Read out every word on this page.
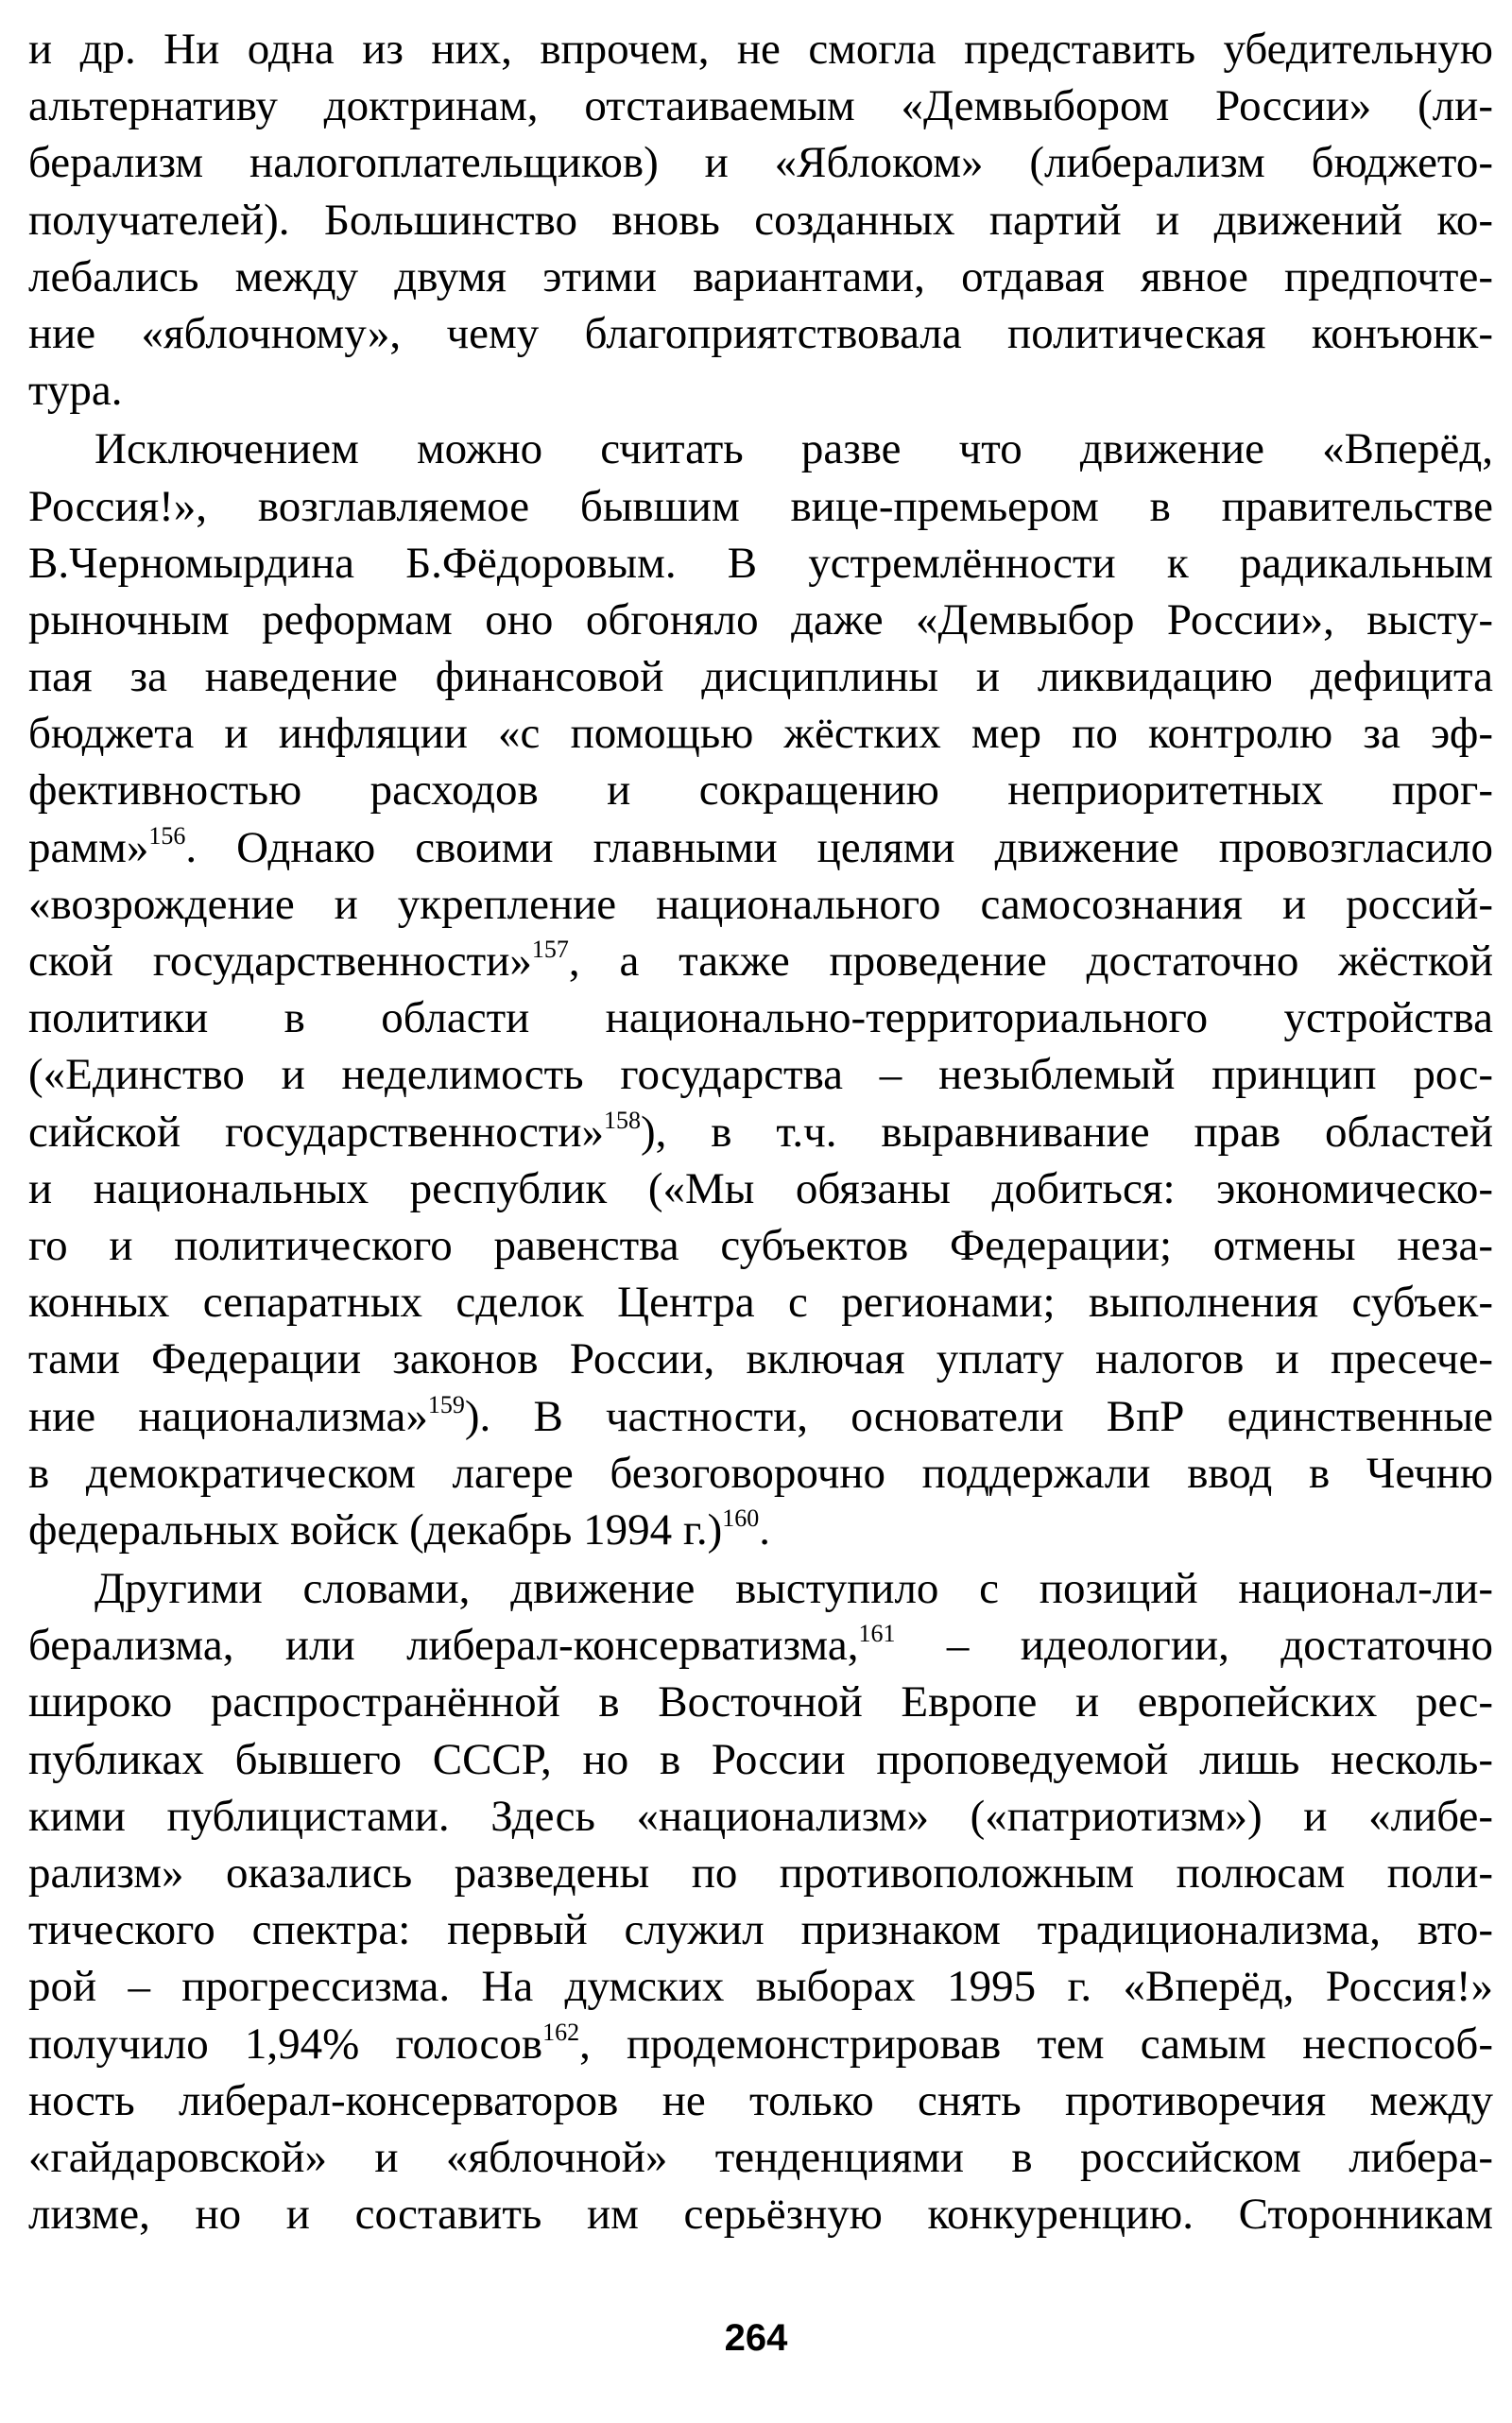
и др. Ни одна из них, впрочем, не смогла представить убедительную
альтернативу доктринам, отстаиваемым «Демвыбором России» (ли-
берализм налогоплательщиков) и «Яблоком» (либерализм бюджето-
получателей). Большинство вновь созданных партий и движений ко-
лебались между двумя этими вариантами, отдавая явное предпочте-
ние «яблочному», чему благоприятствовала политическая конъюнк-
тура.
Исключением можно считать разве что движение «Вперёд,
Россия!», возглавляемое бывшим вице-премьером в правительстве
В.Черномырдина Б.Фёдоровым. В устремлённости к радикальным
рыночным реформам оно обгоняло даже «Демвыбор России», высту-
пая за наведение финансовой дисциплины и ликвидацию дефицита
бюджета и инфляции «с помощью жёстких мер по контролю за эф-
фективностью расходов и сокращению неприоритетных прог-
рамм»$^{156}$. Однако своими главными целями движение провозгласило
«возрождение и укрепление национального самосознания и россий-
ской государственности»$^{157}$, а также проведение достаточно жёсткой
политики в области национально-территориального устройства
(«Единство и неделимость государства – незыблемый принцип рос-
сийской государственности»$^{158}$), в т.ч. выравнивание прав областей
и национальных республик («Мы обязаны добиться: экономическо-
го и политического равенства субъектов Федерации; отмены неза-
конных сепаратных сделок Центра с регионами; выполнения субъек-
тами Федерации законов России, включая уплату налогов и пресече-
ние национализма»$^{159}$). В частности, основатели ВпР единственные
в демократическом лагере безоговорочно поддержали ввод в Чечню
федеральных войск (декабрь 1994 г.)$^{160}$.
Другими словами, движение выступило с позиций национал-ли-
берализма, или либерал-консерватизма,$^{161}$ – идеологии, достаточно
широко распространённой в Восточной Европе и европейских рес-
публиках бывшего СССР, но в России проповедуемой лишь несколь-
кими публицистами. Здесь «национализм» («патриотизм») и «либе-
рализм» оказались разведены по противоположным полюсам поли-
тического спектра: первый служил признаком традиционализма, вто-
рой – прогрессизма. На думских выборах 1995 г. «Вперёд, Россия!»
получило 1,94% голосов$^{162}$, продемонстрировав тем самым неспособ-
ность либерал-консерваторов не только снять противоречия между
«гайдаровской» и «яблочной» тенденциями в российском либера-
лизме, но и составить им серьёзную конкуренцию. Сторонникам
264
